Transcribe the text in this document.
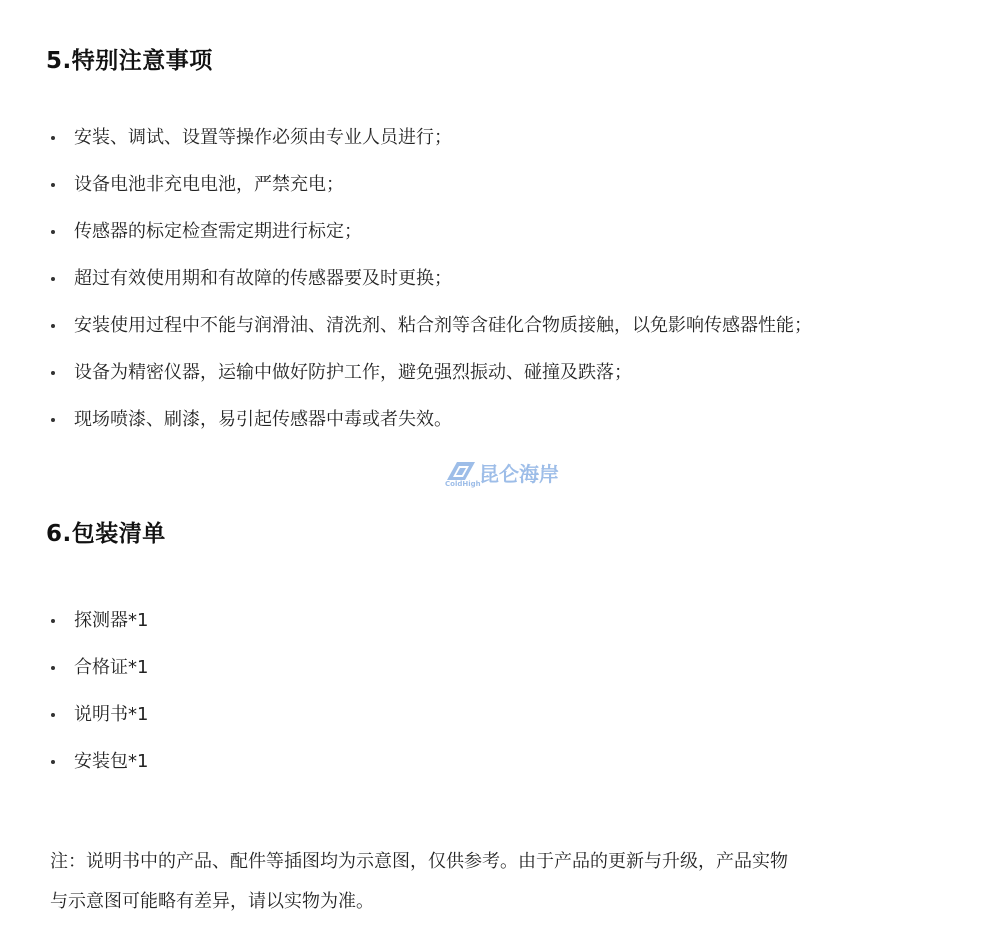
5.特别注意事项
安装、调试、设置等操作必须由专业人员进行；
设备电池非充电电池，严禁充电；
传感器的标定检查需定期进行标定；
超过有效使用期和有故障的传感器要及时更换；
安装使用过程中不能与润滑油、清洗剂、粘合剂等含硅化合物质接触，以免影响传感器性能；
设备为精密仪器，运输中做好防护工作，避免强烈振动、碰撞及跌落；
现场喷漆、刷漆，易引起传感器中毒或者失效。
昆仑海岸
ColdHigh
6.包装清单
探测器*1
合格证*1
说明书*1
安装包*1
注：说明书中的产品、配件等插图均为示意图，仅供参考。由于产品的更新与升级，产品实物
与示意图可能略有差异，请以实物为准。
